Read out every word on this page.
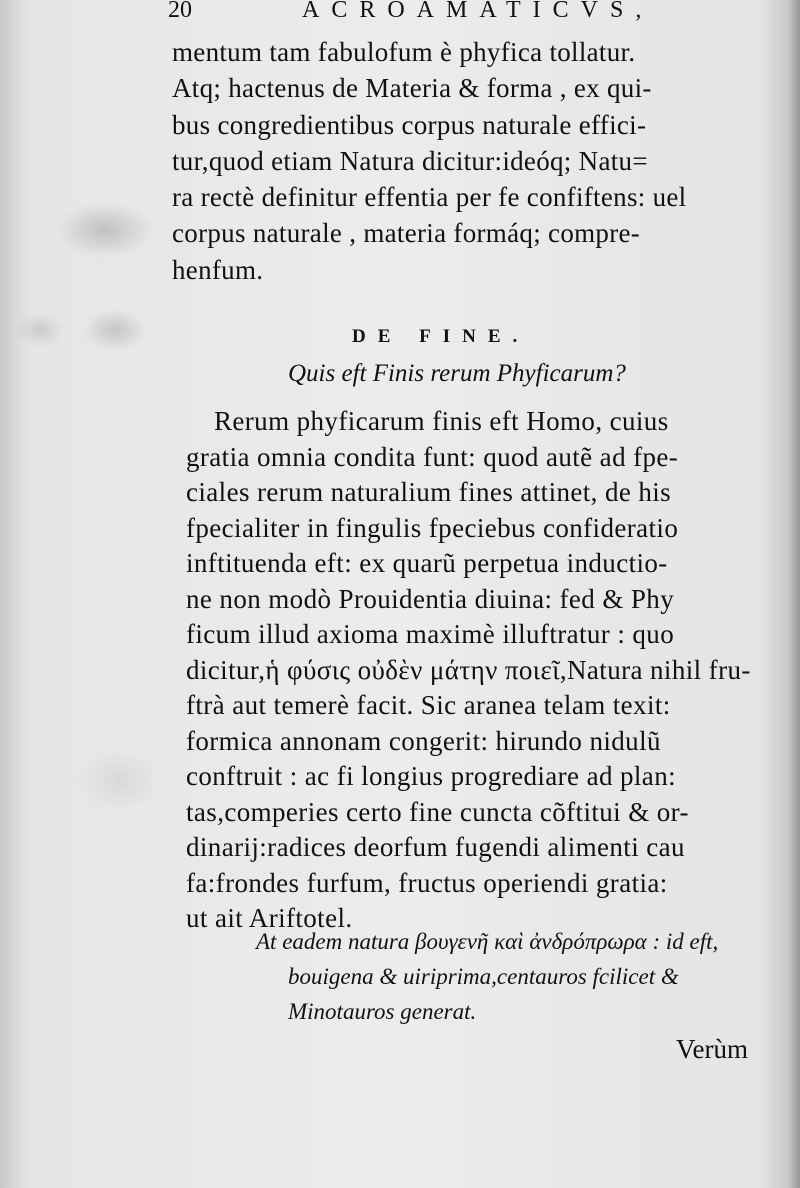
20	ACROAMATICVS,
mentum tam fabulofum è phyfica tollatur.
Atq; hactenus de Materia & forma , ex qui-
bus congredientibus corpus naturale effici-
tur,quod etiam Natura dicitur:ideóq; Natu=
ra rectè definitur effentia per fe confiftens: uel
corpus naturale , materia formáq; compre-
henfum.
DE FINE.
Quis eft Finis rerum Phyficarum?
Rerum phyficarum finis eft Homo, cuius
gratia omnia condita funt: quod autẽ ad fpe-
ciales rerum naturalium fines attinet, de his
fpecialiter in fingulis fpeciebus confideratio
inftituenda eft: ex quarũ perpetua inductio-
ne non modò Prouidentia diuina: fed & Phy
ficum illud axioma maximè illuftratur : quo
dicitur,ἡ φύσις οὐδὲν μάτην ποιεῖ,Natura nihil fru-
ftrà aut temerè facit. Sic aranea telam texit:
formica annonam congerit: hirundo nidulũ
conftruit : ac fi longius progrediare ad plan:
tas,comperies certo fine cuncta cõftitui & or-
dinarij:radices deorfum fugendi alimenti cau
fa:frondes furfum, fructus operiendi gratia:
ut ait Ariftotel.
At eadem natura βουγενῆ καὶ ἀνδρόπρωρα : id eft,
bouigena & uiriprima,centauros fcilicet &
Minotauros generat.
Verùm
